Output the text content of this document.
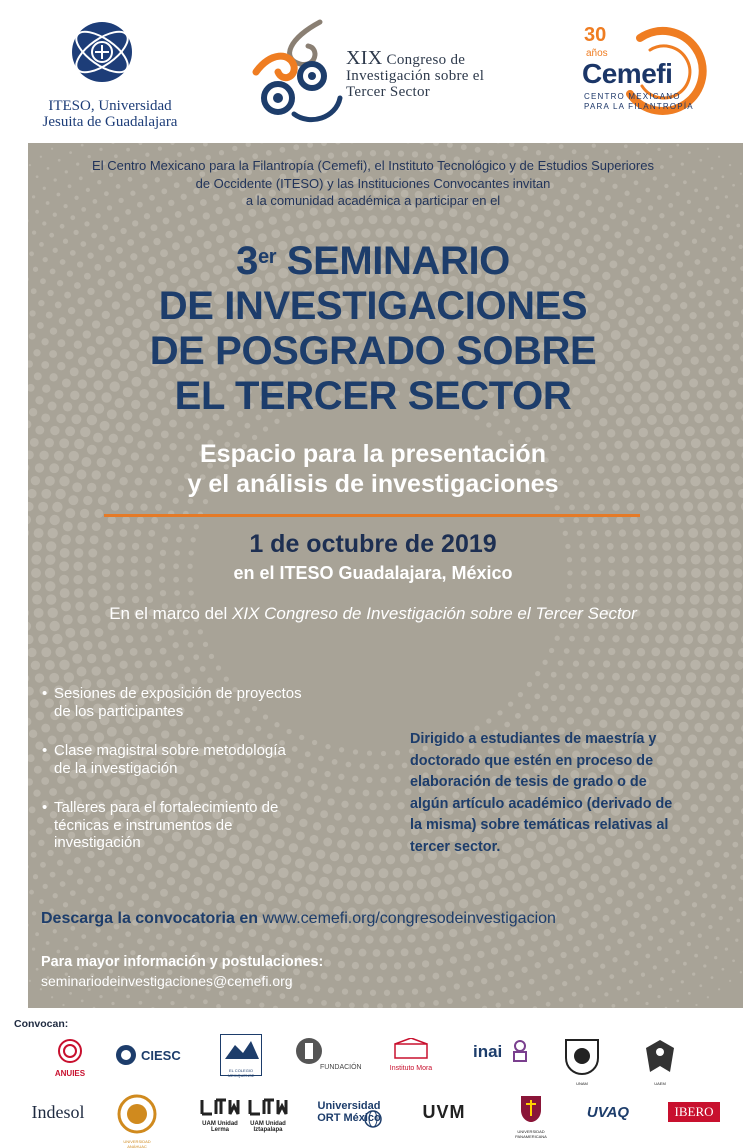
ITESO, Universidad
Jesuita de Guadalajara
XIX Congreso de
Investigación sobre el
Tercer Sector
30
años
Cemefi
CENTRO MEXICANO
PARA LA FILANTROPÍA
El Centro Mexicano para la Filantropía (Cemefi), el Instituto Tecnológico y de Estudios Superiores
de Occidente (ITESO) y las Instituciones Convocantes invitan
a la comunidad académica a participar en el
3er SEMINARIO
DE INVESTIGACIONES
DE POSGRADO SOBRE
EL TERCER SECTOR
Espacio para la presentación
y el análisis de investigaciones
1 de octubre de 2019
en el ITESO Guadalajara, México
En el marco del XIX Congreso de Investigación sobre el Tercer Sector
• Sesiones de exposición de proyectos
de los participantes
• Clase magistral sobre metodología
de la investigación
• Talleres para el fortalecimiento de
técnicas e instrumentos de
investigación
Dirigido a estudiantes de maestría y
doctorado que estén en proceso de
elaboración de tesis de grado o de
algún artículo académico (derivado de
la misma) sobre temáticas relativas al
tercer sector.
Descarga la convocatoria en www.cemefi.org/congresodeinvestigacion
Para mayor información y postulaciones:
seminariodeinvestigaciones@cemefi.org
Convocan:
ANUIES
CIESC
EL COLEGIO MEXIQUENSE
FUNDACIÓN	Instituto Mora
inai
UNAM	UAEM
Indesol
UNIVERSIDAD ANÁHUAC
UAM Unidad Lerma
UAM Unidad Iztapalapa
Universidad ORT México	UVM
UNIVERSIDAD PANAMERICANA
UVAQ	IBERO
